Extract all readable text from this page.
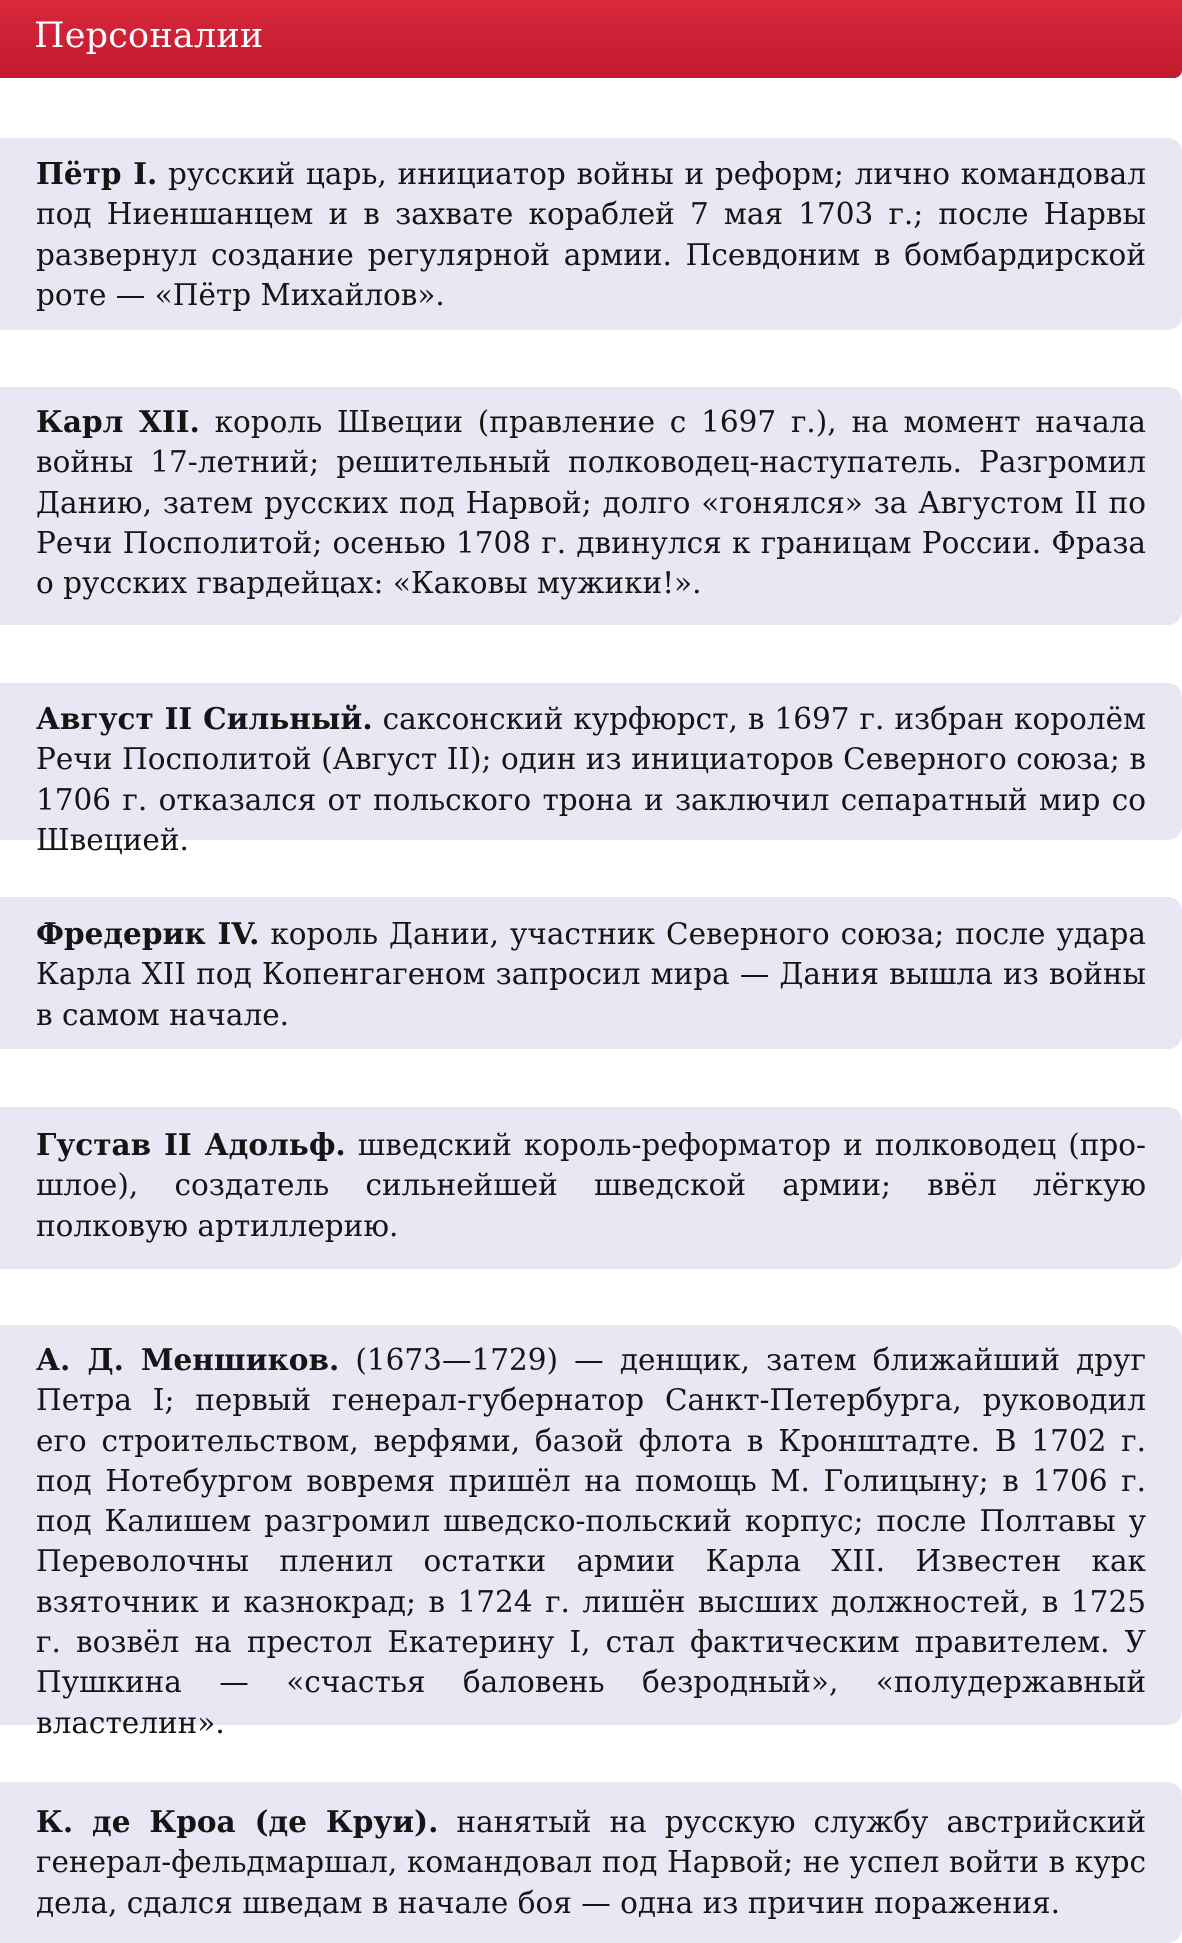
Персоналии

Пётр I. русский царь, инициатор войны и реформ; лично командовал под Ниеншанцем и в захвате кораблей 7 мая 1703 г.; после Нарвы развернул создание регулярной армии. Псевдоним в бомбардирской роте — «Пётр Михайлов».

Карл XII. король Швеции (правление с 1697 г.), на момент начала войны 17-летний; решительный полководец-наступатель. Разгромил Данию, затем русских под Нарвой; долго «гонялся» за Августом II по Речи Посполитой; осенью 1708 г. двинулся к границам России. Фраза о русских гвардейцах: «Каковы мужики!».

Август II Сильный. саксонский курфюрст, в 1697 г. избран королём Речи Посполитой (Август II); один из инициаторов Северного союза; в 1706 г. отказался от польского трона и заключил сепаратный мир со Швецией.

Фредерик IV. король Дании, участник Северного союза; после удара Карла XII под Копенгагеном запросил мира — Дания вышла из войны в самом начале.

Густав II Адольф. шведский король-реформатор и полководец (прошлое), создатель сильнейшей шведской армии; ввёл лёгкую полковую артиллерию.

А. Д. Меншиков. (1673—1729) — денщик, затем ближайший друг Петра I; первый генерал-губернатор Санкт-Петербурга, руководил его строительством, верфями, базой флота в Кронштадте. В 1702 г. под Нотебургом вовремя пришёл на помощь М. Голицыну; в 1706 г. под Калишем разгромил шведско-польский корпус; после Полтавы у Переволочны пленил остатки армии Карла XII. Известен как взяточник и казнокрад; в 1724 г. лишён высших должностей, в 1725 г. возвёл на престол Екатерину I, стал фактическим правителем. У Пушкина — «счастья баловень безродный», «полудержавный властелин».

К. де Кроа (де Круи). нанятый на русскую службу австрийский генерал-фельдмаршал, командовал под Нарвой; не успел войти в курс дела, сдался шведам в начале боя — одна из причин поражения.
